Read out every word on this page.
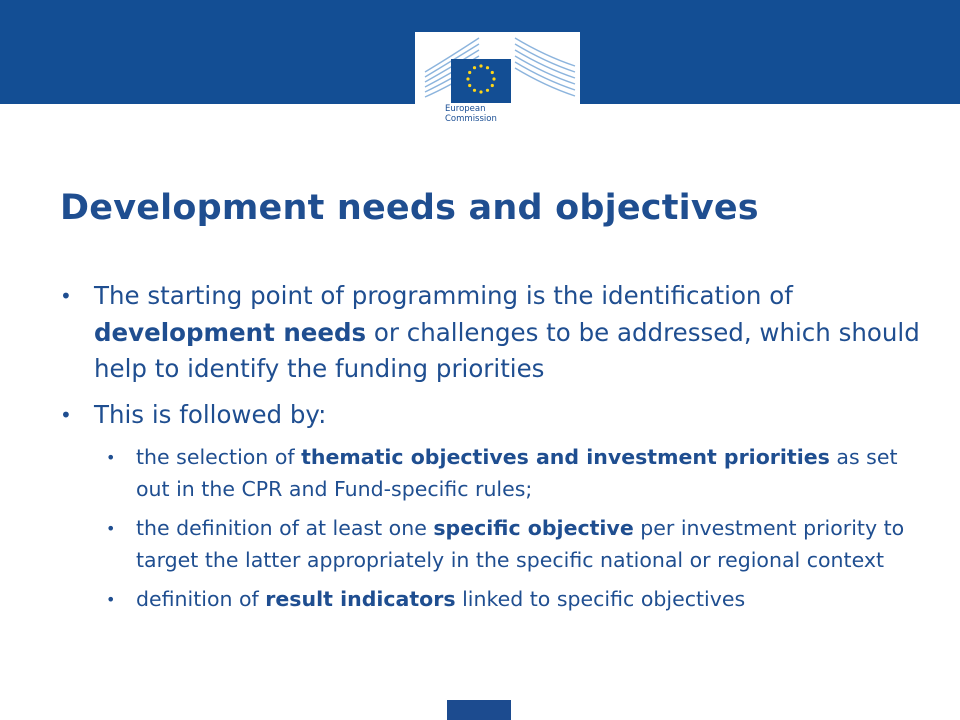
European
Commission
Development needs and objectives

• The starting point of programming is the identification of development needs or challenges to be addressed, which should help to identify the funding priorities

• This is followed by:

• the selection of thematic objectives and investment priorities as set out in the CPR and Fund-specific rules;

• the definition of at least one specific objective per investment priority to target the latter appropriately in the specific national or regional context

• definition of result indicators linked to specific objectives
